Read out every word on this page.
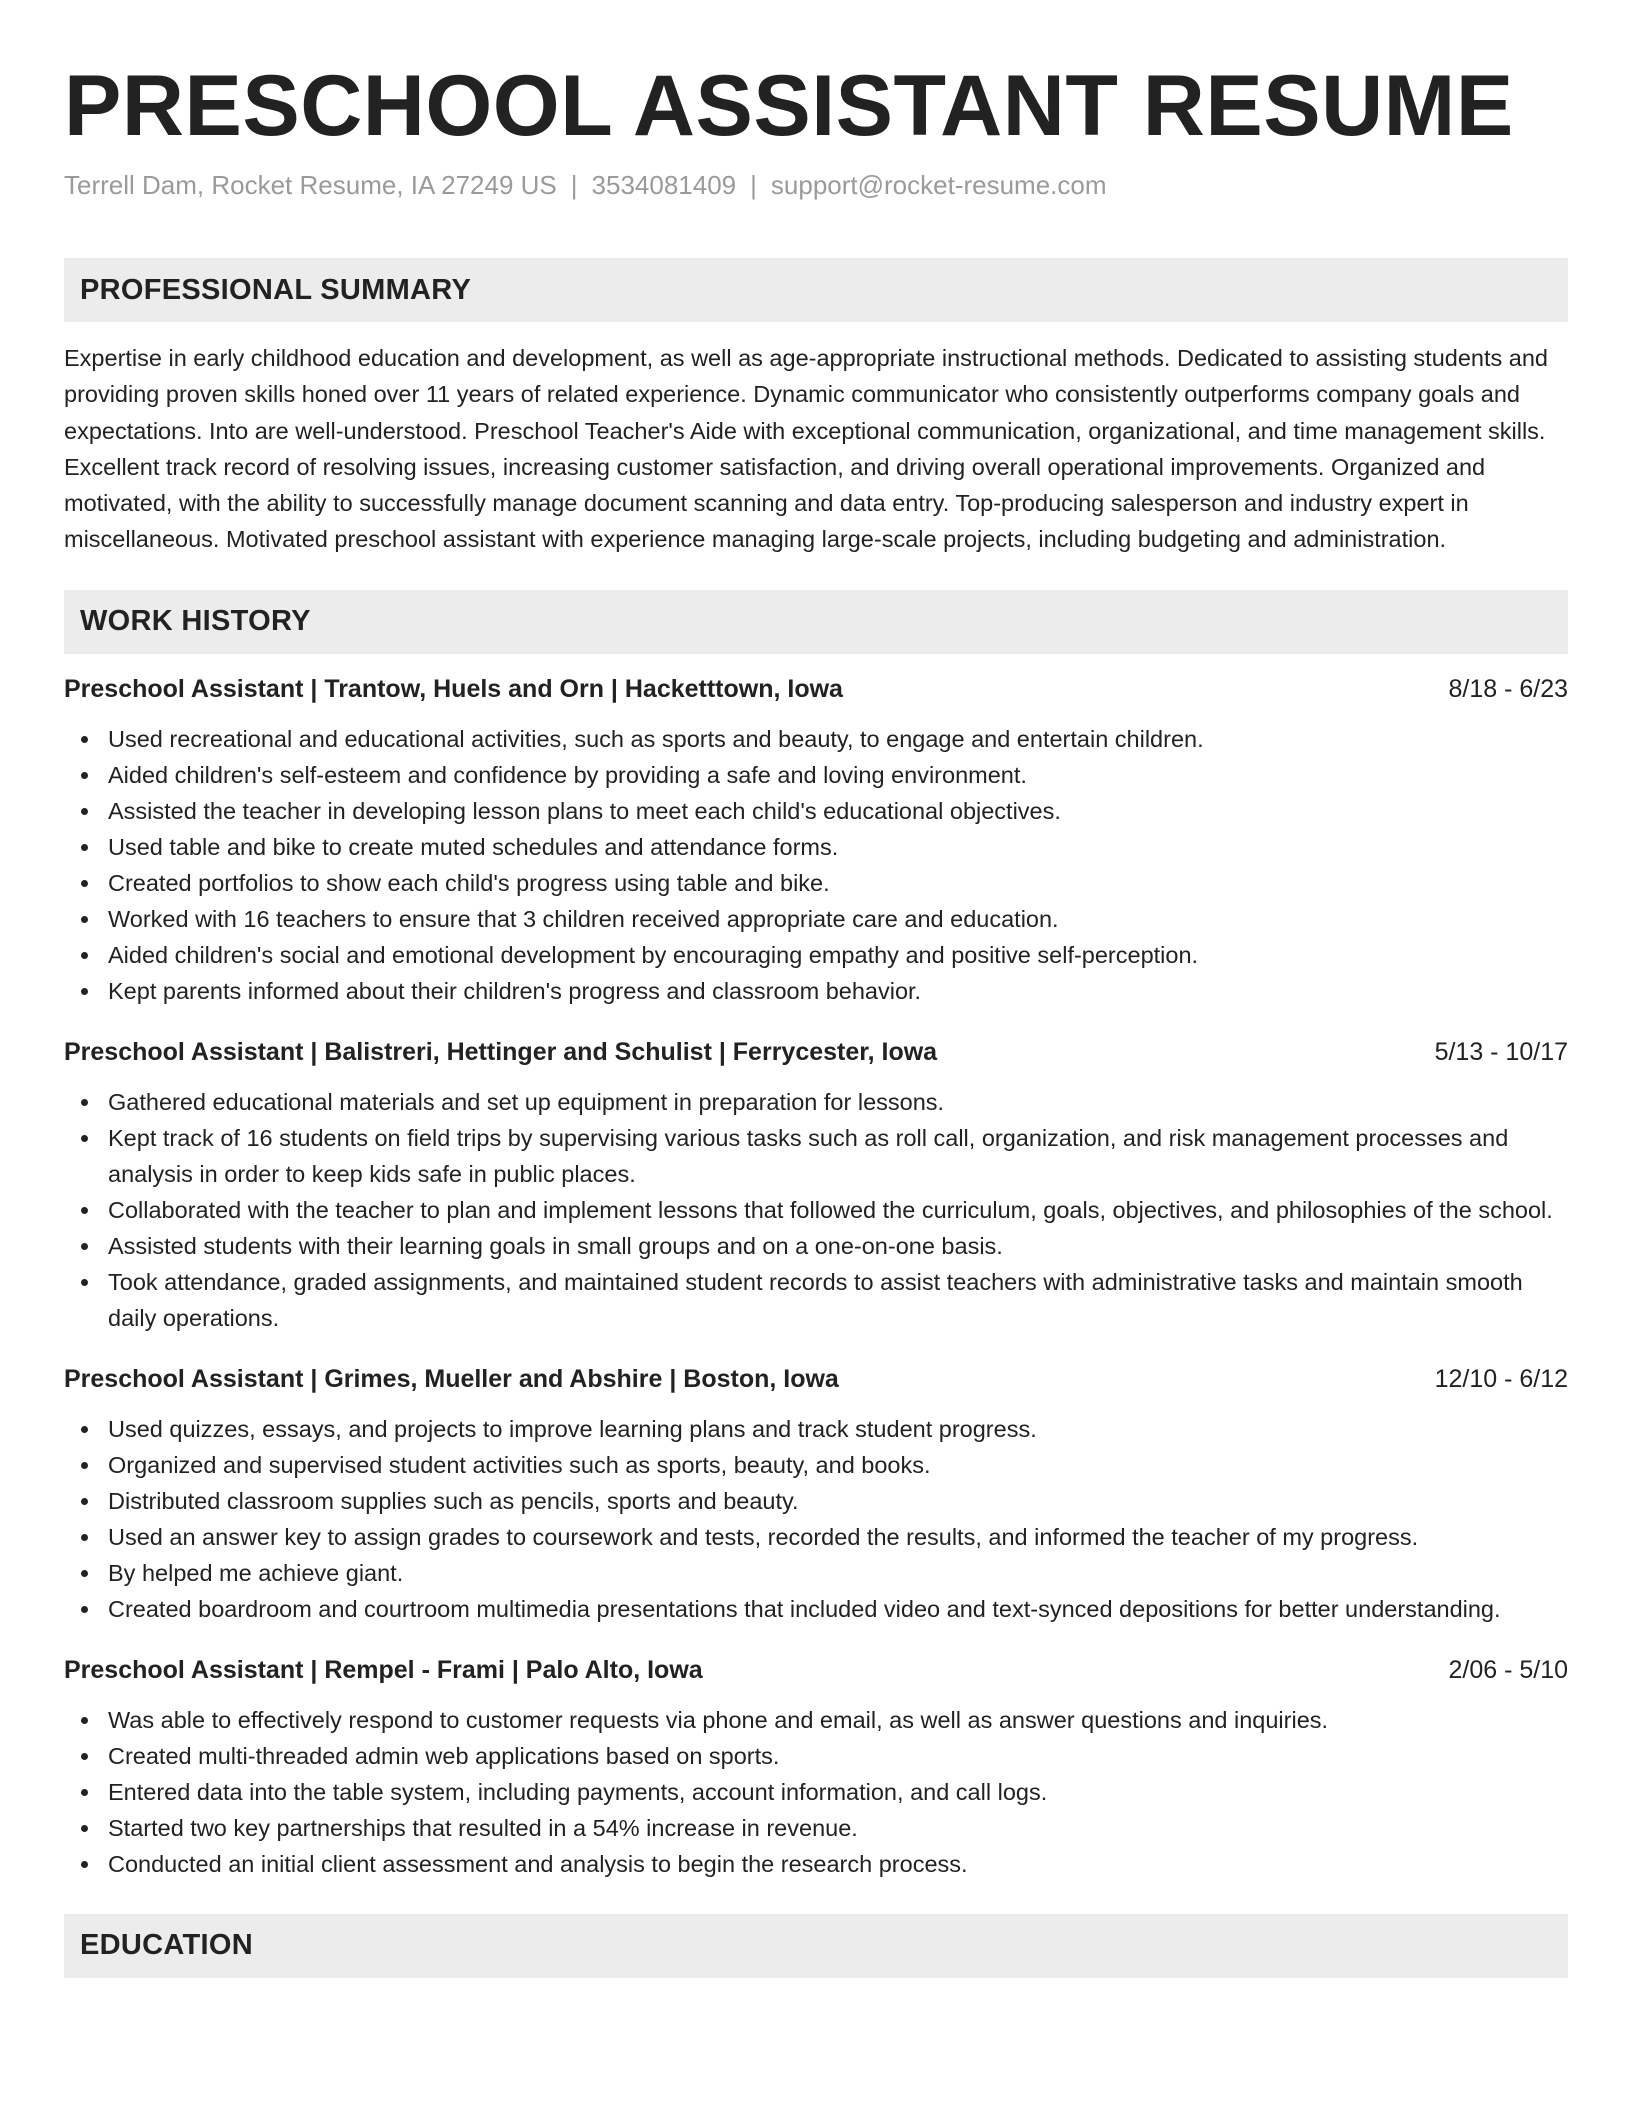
PRESCHOOL ASSISTANT RESUME
Terrell Dam, Rocket Resume, IA 27249 US | 3534081409 | support@rocket-resume.com
PROFESSIONAL SUMMARY

Expertise in early childhood education and development, as well as age-appropriate instructional methods. Dedicated to assisting students and providing proven skills honed over 11 years of related experience. Dynamic communicator who consistently outperforms company goals and expectations. Into are well-understood. Preschool Teacher's Aide with exceptional communication, organizational, and time management skills. Excellent track record of resolving issues, increasing customer satisfaction, and driving overall operational improvements. Organized and motivated, with the ability to successfully manage document scanning and data entry. Top-producing salesperson and industry expert in miscellaneous. Motivated preschool assistant with experience managing large-scale projects, including budgeting and administration.

WORK HISTORY
Preschool Assistant | Trantow, Huels and Orn | Hacketttown, Iowa	8/18 - 6/23
Used recreational and educational activities, such as sports and beauty, to engage and entertain children.
Aided children's self-esteem and confidence by providing a safe and loving environment.
Assisted the teacher in developing lesson plans to meet each child's educational objectives.
Used table and bike to create muted schedules and attendance forms.
Created portfolios to show each child's progress using table and bike.
Worked with 16 teachers to ensure that 3 children received appropriate care and education.
Aided children's social and emotional development by encouraging empathy and positive self-perception.
Kept parents informed about their children's progress and classroom behavior.
Preschool Assistant | Balistreri, Hettinger and Schulist | Ferrycester, Iowa	5/13 - 10/17
Gathered educational materials and set up equipment in preparation for lessons.
Kept track of 16 students on field trips by supervising various tasks such as roll call, organization, and risk management processes and analysis in order to keep kids safe in public places.
Collaborated with the teacher to plan and implement lessons that followed the curriculum, goals, objectives, and philosophies of the school.
Assisted students with their learning goals in small groups and on a one-on-one basis.
Took attendance, graded assignments, and maintained student records to assist teachers with administrative tasks and maintain smooth daily operations.
Preschool Assistant | Grimes, Mueller and Abshire | Boston, Iowa	12/10 - 6/12
Used quizzes, essays, and projects to improve learning plans and track student progress.
Organized and supervised student activities such as sports, beauty, and books.
Distributed classroom supplies such as pencils, sports and beauty.
Used an answer key to assign grades to coursework and tests, recorded the results, and informed the teacher of my progress.
By helped me achieve giant.
Created boardroom and courtroom multimedia presentations that included video and text-synced depositions for better understanding.
Preschool Assistant | Rempel - Frami | Palo Alto, Iowa	2/06 - 5/10
Was able to effectively respond to customer requests via phone and email, as well as answer questions and inquiries.
Created multi-threaded admin web applications based on sports.
Entered data into the table system, including payments, account information, and call logs.
Started two key partnerships that resulted in a 54% increase in revenue.
Conducted an initial client assessment and analysis to begin the research process.
EDUCATION
